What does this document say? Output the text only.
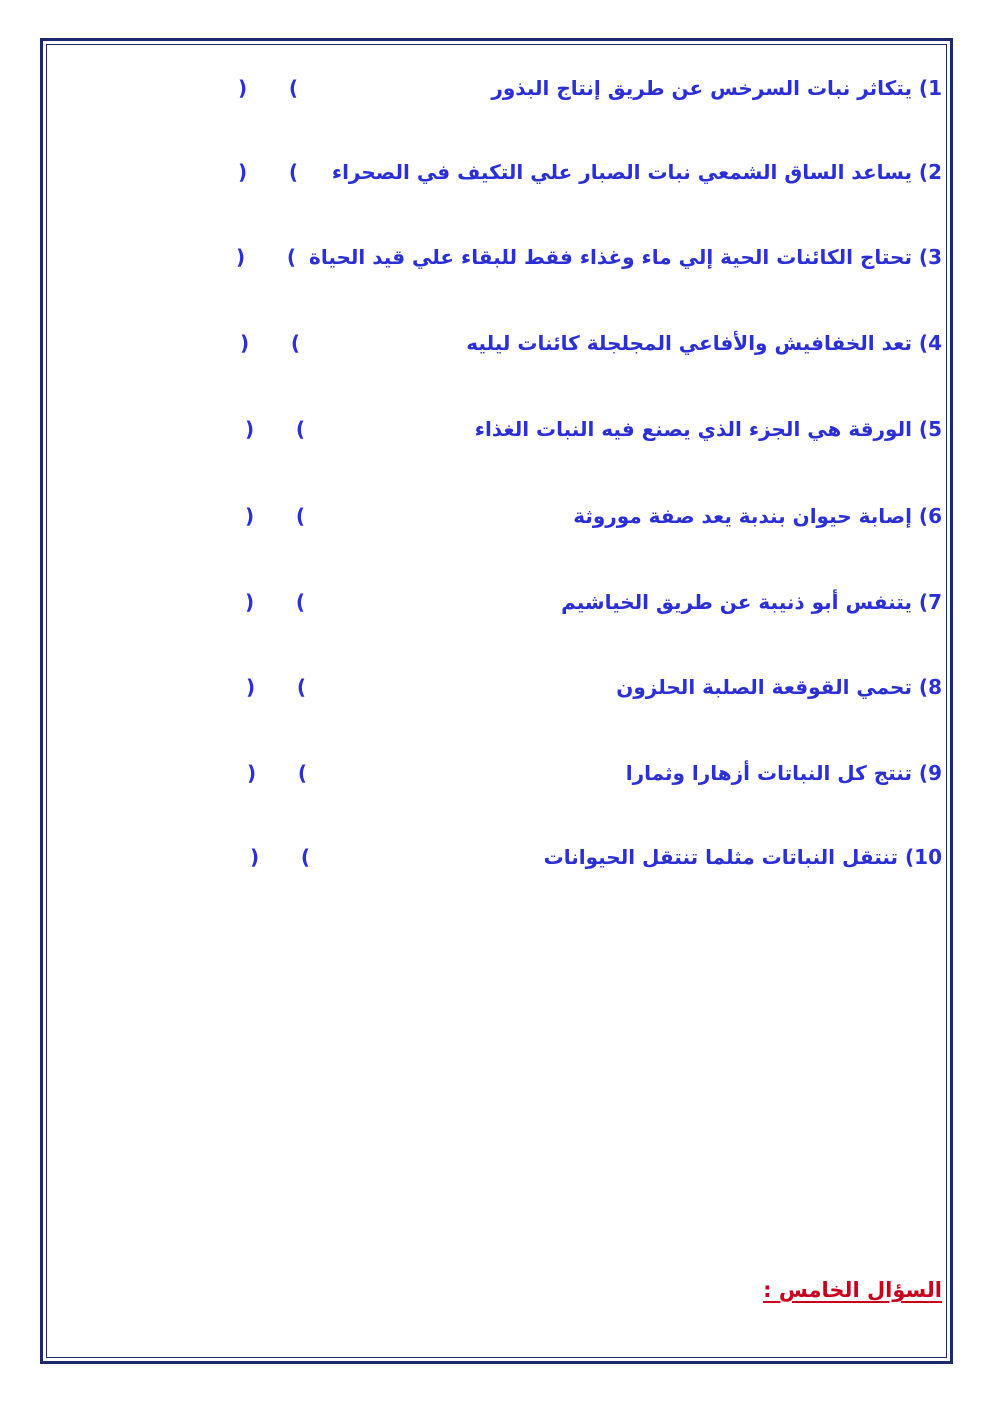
1) يتكاثر نبات السرخس عن طريق إنتاج البذور
) (
2) يساعد الساق الشمعي نبات الصبار علي التكيف في الصحراء
) (
3) تحتاج الكائنات الحية إلي ماء وغذاء فقط للبقاء علي قيد الحياة
) (
4) تعد الخفافيش والأفاعي المجلجلة كائنات ليليه
) (
5) الورقة هي الجزء الذي يصنع فيه النبات الغذاء
) (
6) إصابة حيوان بندبة يعد صفة موروثة
) (
7) يتنفس أبو ذنيبة عن طريق الخياشيم
) (
8) تحمي القوقعة الصلبة الحلزون
) (
9) تنتج كل النباتات أزهارا وثمارا
) (
10) تنتقل النباتات مثلما تنتقل الحيوانات
) (
السؤال الخامس :
